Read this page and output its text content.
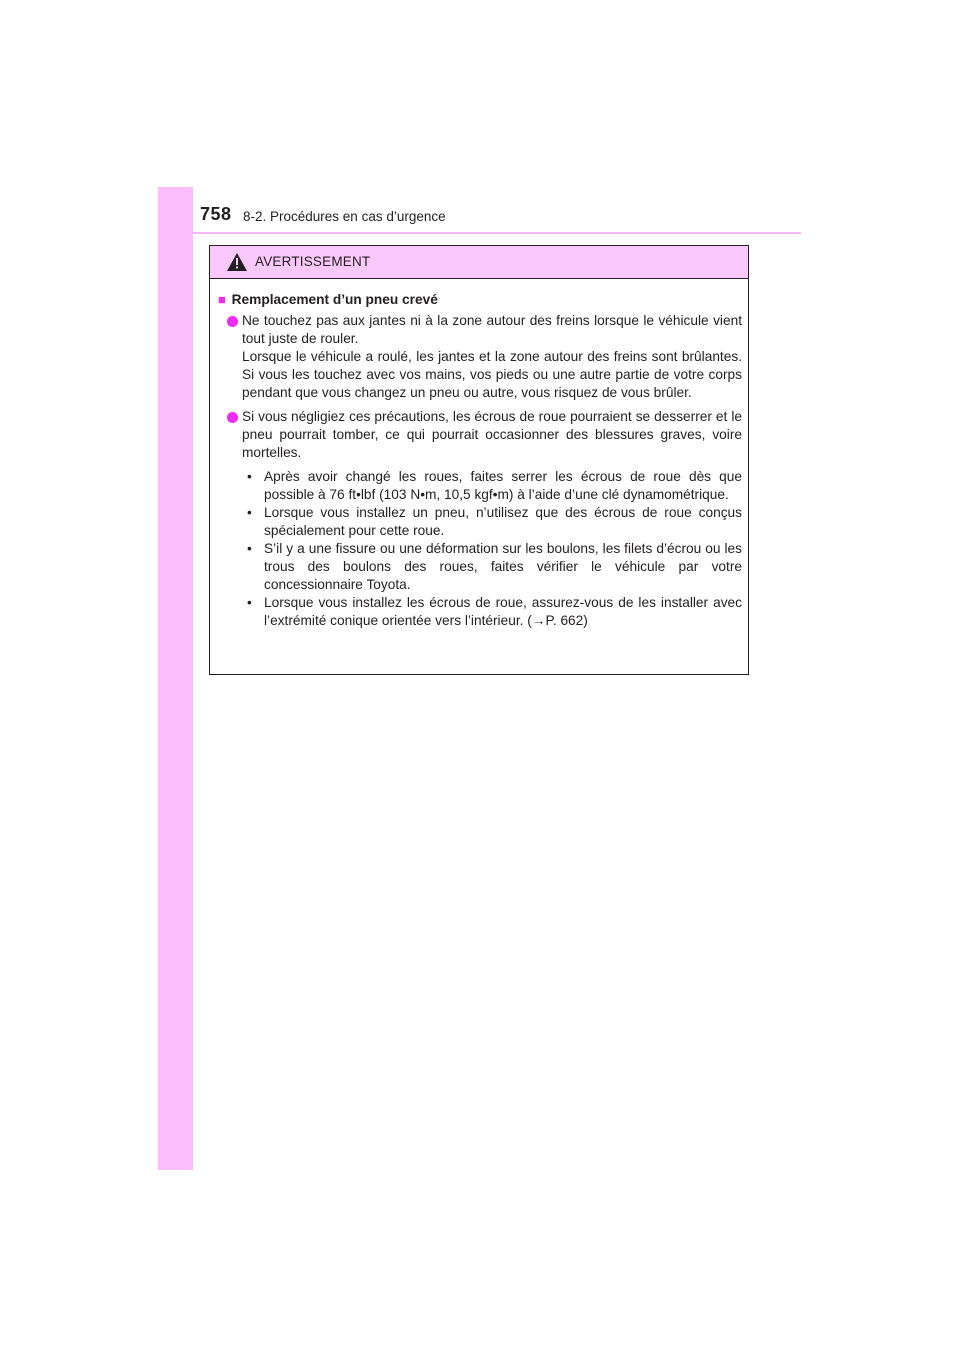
758 8-2. Procédures en cas d’urgence
AVERTISSEMENT
■ Remplacement d’un pneu crevé

Ne touchez pas aux jantes ni à la zone autour des freins lorsque le véhicule vient tout juste de rouler.

Lorsque le véhicule a roulé, les jantes et la zone autour des freins sont brûlantes. Si vous les touchez avec vos mains, vos pieds ou une autre partie de votre corps pendant que vous changez un pneu ou autre, vous risquez de vous brûler.

Si vous négligiez ces précautions, les écrous de roue pourraient se desserrer et le pneu pourrait tomber, ce qui pourrait occasionner des blessures graves, voire mortelles.

• Après avoir changé les roues, faites serrer les écrous de roue dès que possible à 76 ft•lbf (103 N•m, 10,5 kgf•m) à l’aide d’une clé dynamométrique.
• Lorsque vous installez un pneu, n’utilisez que des écrous de roue conçus spécialement pour cette roue.
• S’il y a une fissure ou une déformation sur les boulons, les filets d’écrou ou les trous des boulons des roues, faites vérifier le véhicule par votre concessionnaire Toyota.
• Lorsque vous installez les écrous de roue, assurez-vous de les installer avec l’extrémité conique orientée vers l’intérieur. (→P. 662)
